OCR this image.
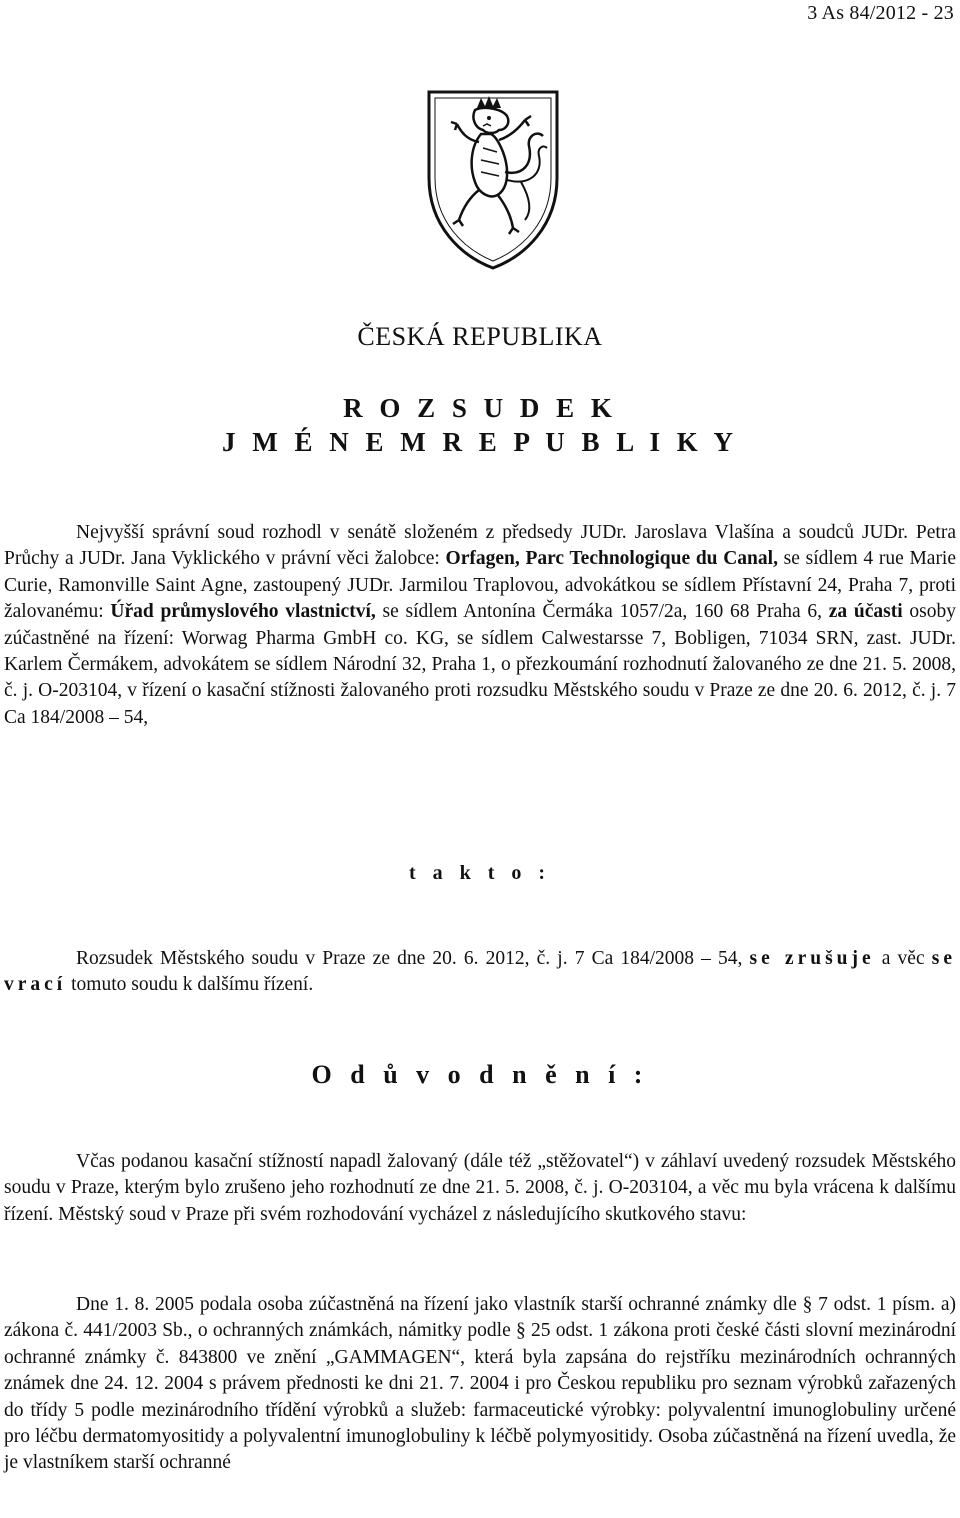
3 As 84/2012 - 23
ČESKÁ REPUBLIKA
R O Z S U D E K
J M É N E M R E P U B L I K Y

Nejvyšší správní soud rozhodl v senátě složeném z předsedy JUDr. Jaroslava Vlašína a soudců JUDr. Petra Průchy a JUDr. Jana Vyklického v právní věci žalobce: Orfagen, Parc Technologique du Canal, se sídlem 4 rue Marie Curie, Ramonville Saint Agne, zastoupený JUDr. Jarmilou Traplovou, advokátkou se sídlem Přístavní 24, Praha 7, proti žalovanému: Úřad průmyslového vlastnictví, se sídlem Antonína Čermáka 1057/2a, 160 68 Praha 6, za účasti osoby zúčastněné na řízení: Worwag Pharma GmbH co. KG, se sídlem Calwestarsse 7, Bobligen, 71034 SRN, zast. JUDr. Karlem Čermákem, advokátem se sídlem Národní 32, Praha 1, o přezkoumání rozhodnutí žalovaného ze dne 21. 5. 2008, č. j. O-203104, v řízení o kasační stížnosti žalovaného proti rozsudku Městského soudu v Praze ze dne 20. 6. 2012, č. j. 7 Ca 184/2008 – 54,

t a k t o :

Rozsudek Městského soudu v Praze ze dne 20. 6. 2012, č. j. 7 Ca 184/2008 – 54, se zrušuje a věc se vrací tomuto soudu k dalšímu řízení.

O d ů v o d n ě n í :

Včas podanou kasační stížností napadl žalovaný (dále též „stěžovatel“) v záhlaví uvedený rozsudek Městského soudu v Praze, kterým bylo zrušeno jeho rozhodnutí ze dne 21. 5. 2008, č. j. O-203104, a věc mu byla vrácena k dalšímu řízení. Městský soud v Praze při svém rozhodování vycházel z následujícího skutkového stavu:

Dne 1. 8. 2005 podala osoba zúčastněná na řízení jako vlastník starší ochranné známky dle § 7 odst. 1 písm. a) zákona č. 441/2003 Sb., o ochranných známkách, námitky podle § 25 odst. 1 zákona proti české části slovní mezinárodní ochranné známky č. 843800 ve znění „GAMMAGEN“, která byla zapsána do rejstříku mezinárodních ochranných známek dne 24. 12. 2004 s právem přednosti ke dni 21. 7. 2004 i pro Českou republiku pro seznam výrobků zařazených do třídy 5 podle mezinárodního třídění výrobků a služeb: farmaceutické výrobky: polyvalentní imunoglobuliny určené pro léčbu dermatomyositidy a polyvalentní imunoglobuliny k léčbě polymyositidy. Osoba zúčastněná na řízení uvedla, že je vlastníkem starší ochranné
